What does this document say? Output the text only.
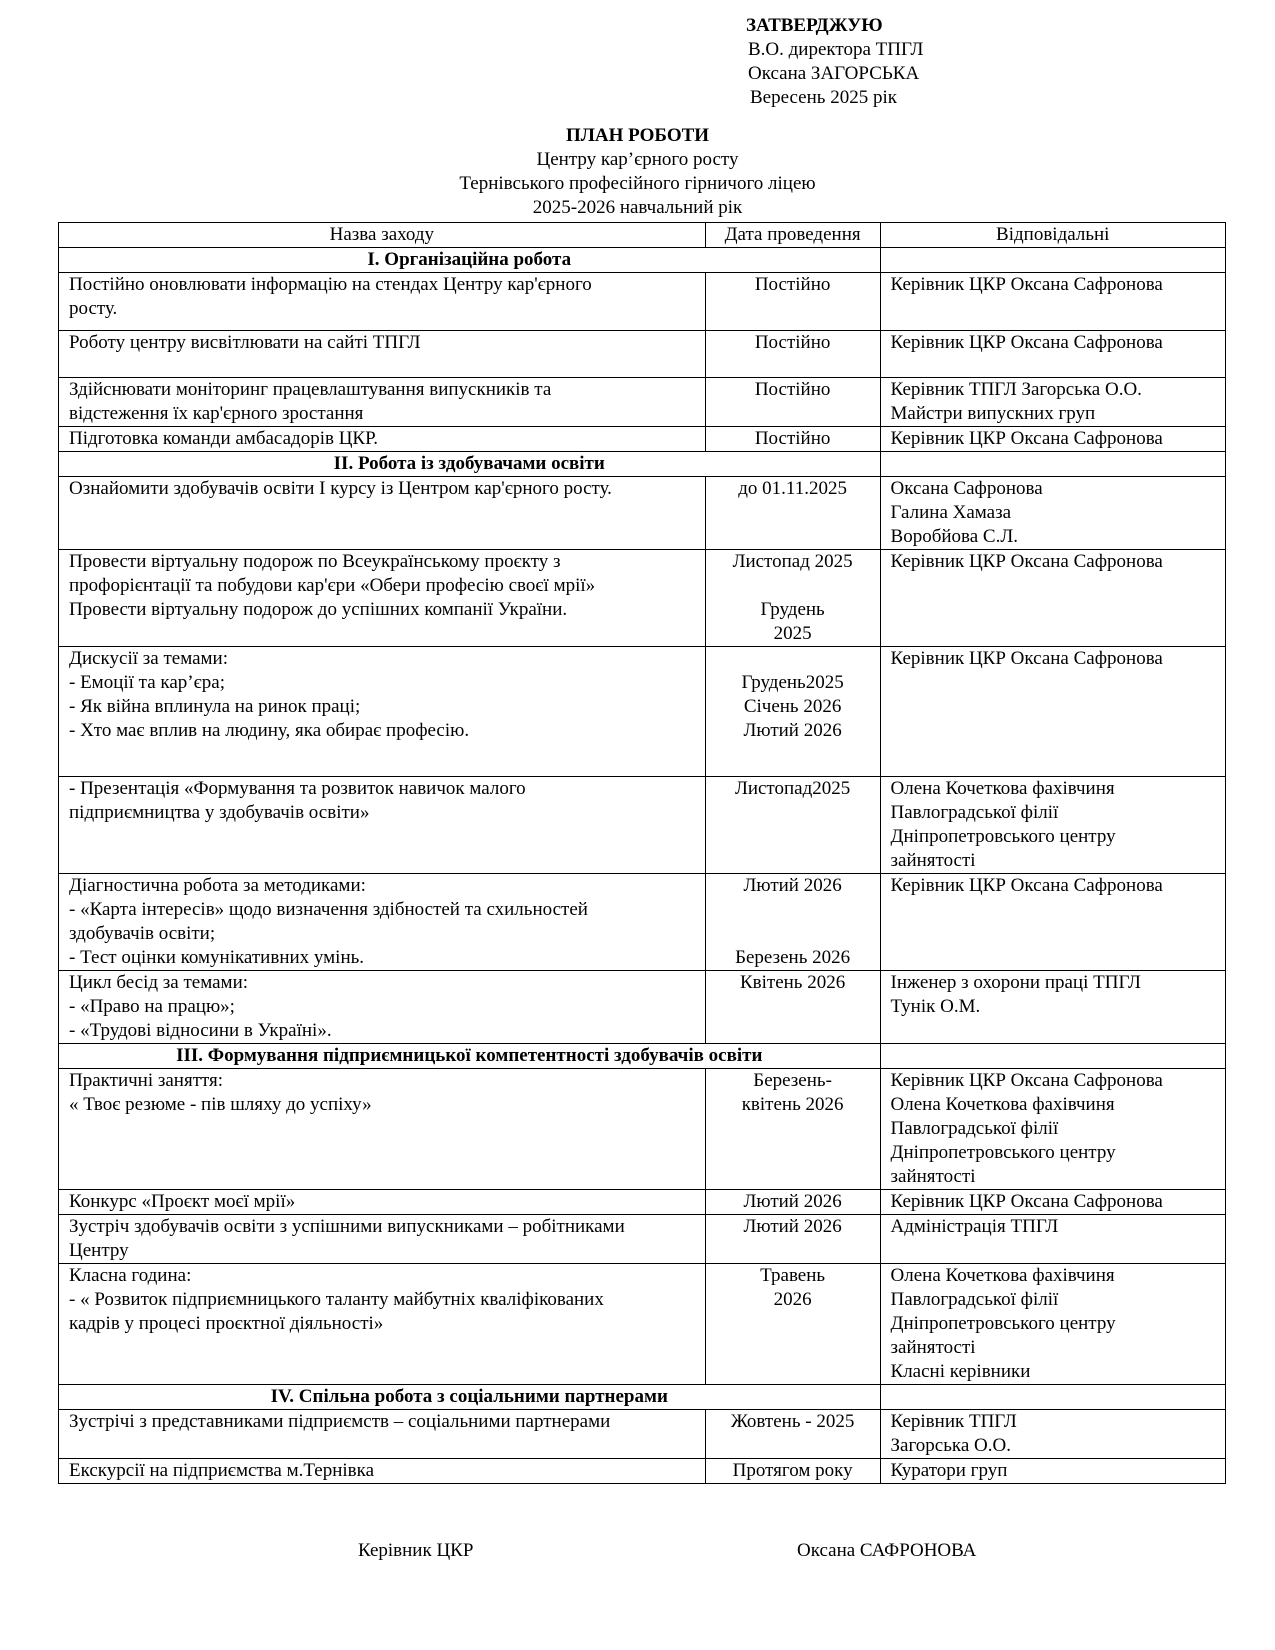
ЗАТВЕРДЖУЮ
В.О. директора ТПГЛ
Оксана ЗАГОРСЬКА
Вересень 2025 рік
ПЛАН РОБОТИ
Центру кар’єрного росту
Тернівського професійного гірничого ліцею
2025-2026 навчальний рік
Назва заходу	Дата проведення	Відповідальні
І. Організаційна робота		

Постійно оновлювати інформацію на стендах Центру кар'єрного
росту.	Постійно	Керівник ЦКР Оксана Сафронова

Роботу центру висвітлювати на сайті ТПГЛ	Постійно	Керівник ЦКР Оксана Сафронова

Здійснювати моніторинг працевлаштування випускників та
відстеження їх кар'єрного зростання	Постійно	Керівник ТПГЛ Загорська О.О.
Майстри випускних груп

Підготовка команди амбасадорів ЦКР.	Постійно	Керівник ЦКР Оксана Сафронова

ІІ. Робота із здобувачами освіти		

Ознайомити здобувачів освіти І курсу із Центром кар'єрного росту.	до 01.11.2025	Оксана Сафронова
Галина Хамаза
Воробйова С.Л.

Провести віртуальну подорож по Всеукраїнському проєкту з
профорієнтації та побудови кар'єри «Обери професію своєї мрії»
Провести віртуальну подорож до успішних компанії України.	Листопад 2025
Грудень
2025	Керівник ЦКР Оксана Сафронова

Дискусії за темами:
- Емоції та кар’єра;
- Як війна вплинула на ринок праці;
- Хто має вплив на людину, яка обирає професію.	Грудень2025
Січень 2026
Лютий 2026	Керівник ЦКР Оксана Сафронова

- Презентація «Формування та розвиток навичок малого
підприємництва у здобувачів освіти»	Листопад2025	Олена Кочеткова фахівчиня
Павлоградської філії
Дніпропетровського центру
зайнятості

Діагностична робота за методиками:
- «Карта інтересів» щодо визначення здібностей та схильностей
здобувачів освіти;
- Тест оцінки комунікативних умінь.	Лютий 2026
Березень 2026	Керівник ЦКР Оксана Сафронова

Цикл бесід за темами:
- «Право на працю»;
- «Трудові відносини в Україні».	Квітень 2026	Інженер з охорони праці ТПГЛ
Тунік О.М.

ІІІ. Формування підприємницької компетентності здобувачів освіти		

Практичні заняття:
« Твоє резюме - пів шляху до успіху»	Березень-
квітень 2026	Керівник ЦКР Оксана Сафронова
Олена Кочеткова фахівчиня
Павлоградської філії
Дніпропетровського центру
зайнятості

Конкурс «Проєкт моєї мрії»	Лютий 2026	Керівник ЦКР Оксана Сафронова

Зустріч здобувачів освіти з успішними випускниками – робітниками
Центру	Лютий 2026	Адміністрація ТПГЛ

Класна година:
- « Розвиток підприємницького таланту майбутніх кваліфікованих
кадрів у процесі проєктної діяльності»	Травень
2026	Олена Кочеткова фахівчиня
Павлоградської філії
Дніпропетровського центру
зайнятості
Класні керівники

ІV. Спільна робота з соціальними партнерами		

Зустрічі з представниками підприємств – соціальними партнерами	Жовтень - 2025	Керівник ТПГЛ
Загорська О.О.

Екскурсії на підприємства м.Тернівка	Протягом року	Куратори груп
Керівник ЦКР	Оксана САФРОНОВА
